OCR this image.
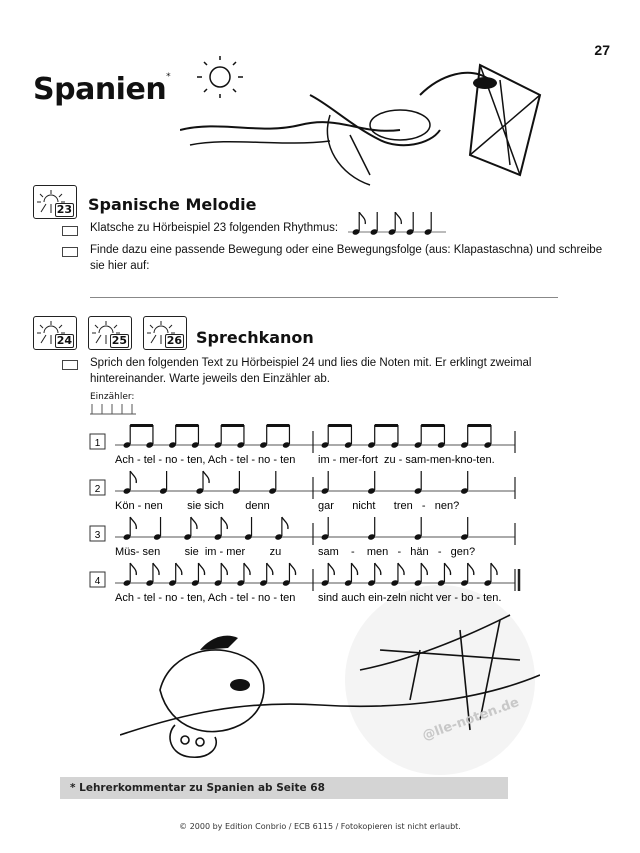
@lle-noten.de
27
Spanien*
23 Spanische Melodie
Klatsche zu Hörbeispiel 23 folgenden Rhythmus:
Finde dazu eine passende Bewegung oder eine Bewegungsfolge (aus: Klapastaschna) und schreibe
sie hier auf:
24	25	26 Sprechkanon
Sprich den folgenden Text zu Hörbeispiel 24 und lies die Noten mit. Er erklingt zweimal
hintereinander. Warte jeweils den Einzähler ab.
Einzähler:
1
Ach - tel - no - ten, Ach - tel - no - ten im - mer-fort  zu - sam-men-kno-ten.
2
Kön - nen        sie sich       denn	gar      nicht      tren   -   nen?
3
Müs- sen        sie  im - mer        zu	sam    -    men   -   hän   -   gen?
4
Ach - tel - no - ten, Ach - tel - no - ten sind auch ein-zeln nicht ver - bo - ten.
* Lehrerkommentar zu Spanien ab Seite 68
© 2000 by Edition Conbrio / ECB 6115 / Fotokopieren ist nicht erlaubt.
